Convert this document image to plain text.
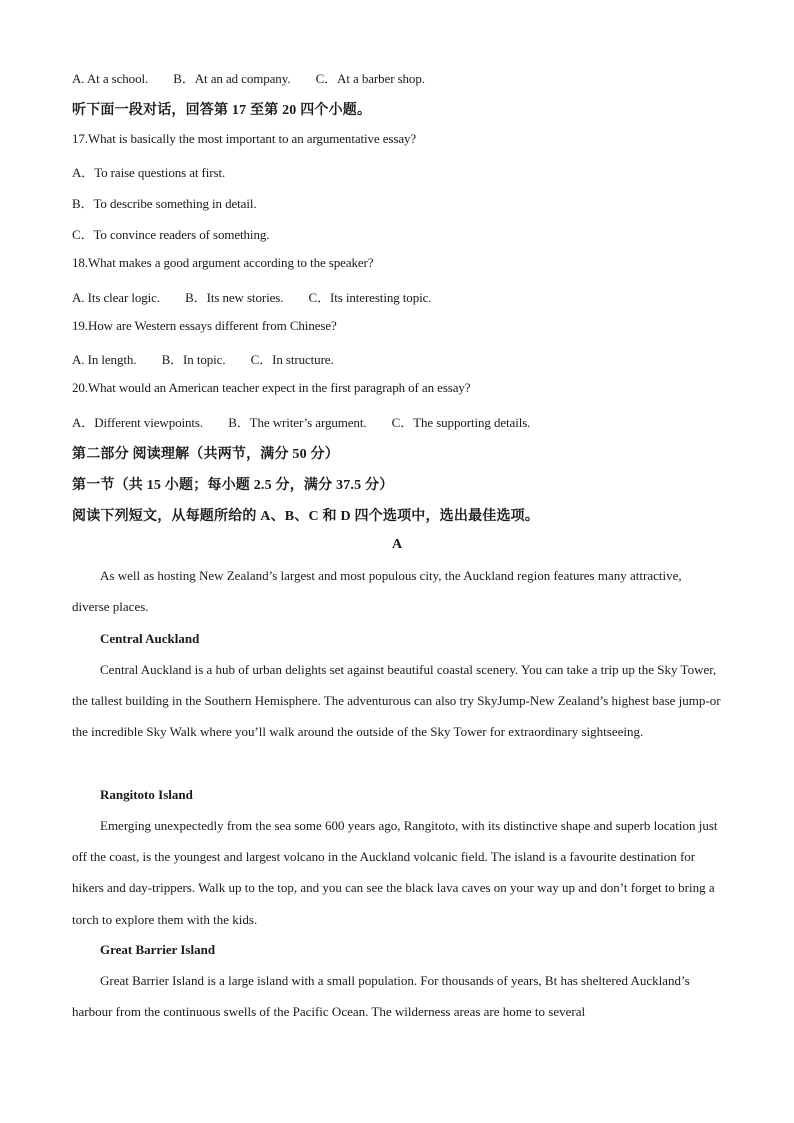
A. At a school. B．At an ad company. C．At a barber shop.
听下面一段对话，回答第 17 至第 20 四个小题。
17.What is basically the most important to an argumentative essay?
A．To raise questions at first.
B．To describe something in detail.
C．To convince readers of something.
18.What makes a good argument according to the speaker?
A. Its clear logic. B．Its new stories. C．Its interesting topic.
19.How are Western essays different from Chinese?
A. In length. B．In topic. C．In structure.
20.What would an American teacher expect in the first paragraph of an essay?
A．Different viewpoints. B．The writer’s argument. C．The supporting details.
第二部分 阅读理解（共两节，满分 50 分）
第一节（共 15 小题；每小题 2.5 分，满分 37.5 分）
阅读下列短文，从每题所给的 A、B、C 和 D 四个选项中，选出最佳选项。
A
As well as hosting New Zealand’s largest and most populous city, the Auckland region features many attractive, diverse places.
Central Auckland
Central Auckland is a hub of urban delights set against beautiful coastal scenery. You can take a trip up the Sky Tower, the tallest building in the Southern Hemisphere. The adventurous can also try SkyJump-New Zealand’s highest base jump-or the incredible Sky Walk where you’ll walk around the outside of the Sky Tower for extraordinary sightseeing.
Rangitoto Island
Emerging unexpectedly from the sea some 600 years ago, Rangitoto, with its distinctive shape and superb location just off the coast, is the youngest and largest volcano in the Auckland volcanic field. The island is a favourite destination for hikers and day-trippers. Walk up to the top, and you can see the black lava caves on your way up and don’t forget to bring a torch to explore them with the kids.
Great Barrier Island
Great Barrier Island is a large island with a small population. For thousands of years, Bt has sheltered Auckland’s harbour from the continuous swells of the Pacific Ocean. The wilderness areas are home to several
